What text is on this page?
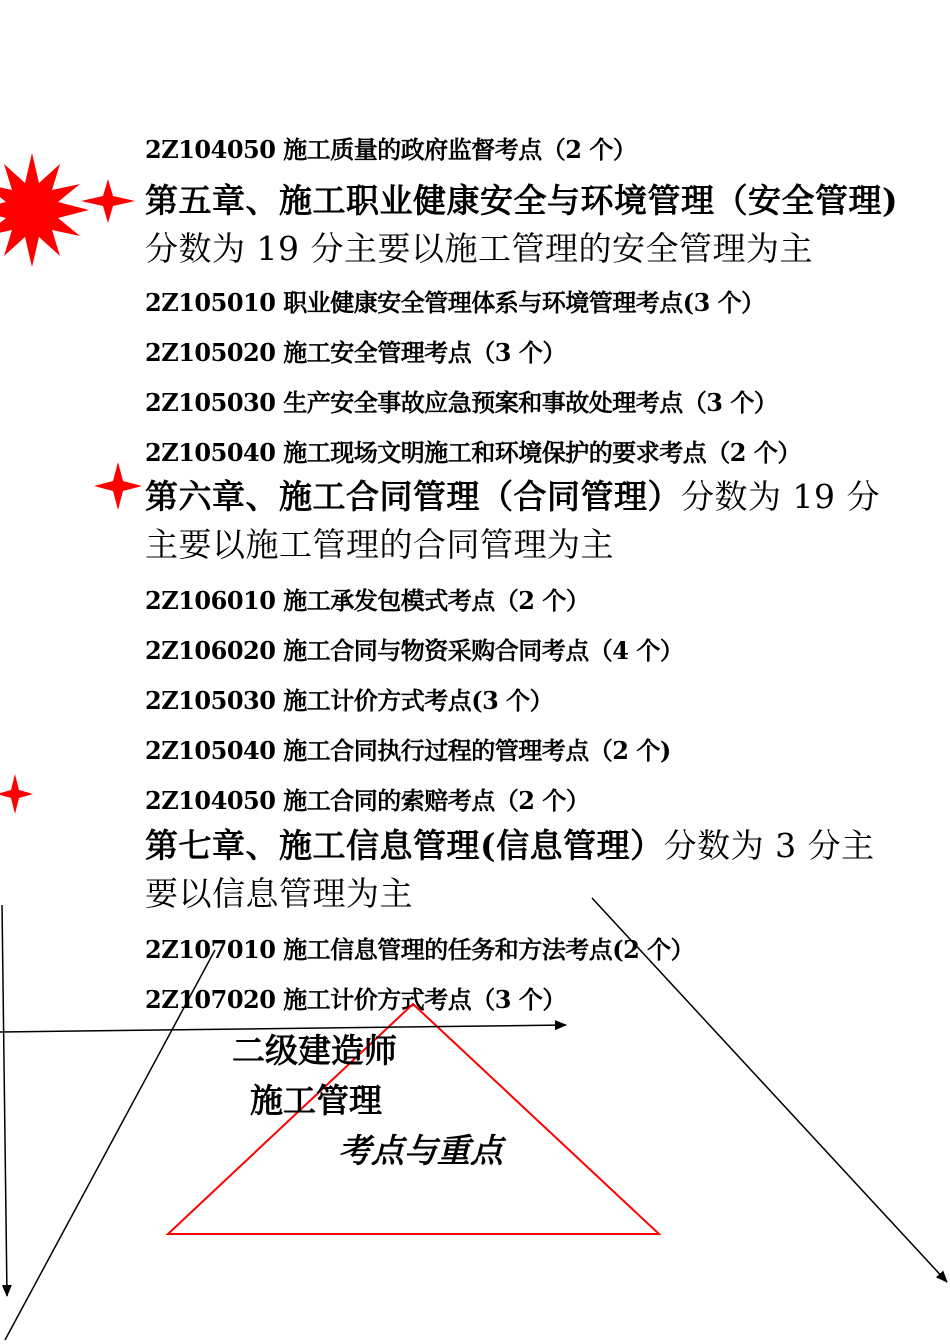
2Z104050 施工质量的政府监督考点（2 个）
第五章、施工职业健康安全与环境管理（安全管理)分数为 19 分主要以施工管理的安全管理为主
2Z105010 职业健康安全管理体系与环境管理考点(3 个）
2Z105020 施工安全管理考点（3 个）
2Z105030 生产安全事故应急预案和事故处理考点（3 个）
2Z105040 施工现场文明施工和环境保护的要求考点（2 个）
第六章、施工合同管理（合同管理）分数为 19 分主要以施工管理的合同管理为主
2Z106010 施工承发包模式考点（2 个）
2Z106020 施工合同与物资采购合同考点（4 个）
2Z105030 施工计价方式考点(3 个）
2Z105040 施工合同执行过程的管理考点（2 个)
2Z104050 施工合同的索赔考点（2 个）
第七章、施工信息管理(信息管理）分数为 3 分主要以信息管理为主
2Z107010 施工信息管理的任务和方法考点(2 个）
2Z107020 施工计价方式考点（3 个）
二级建造师
施工管理
考点与重点
